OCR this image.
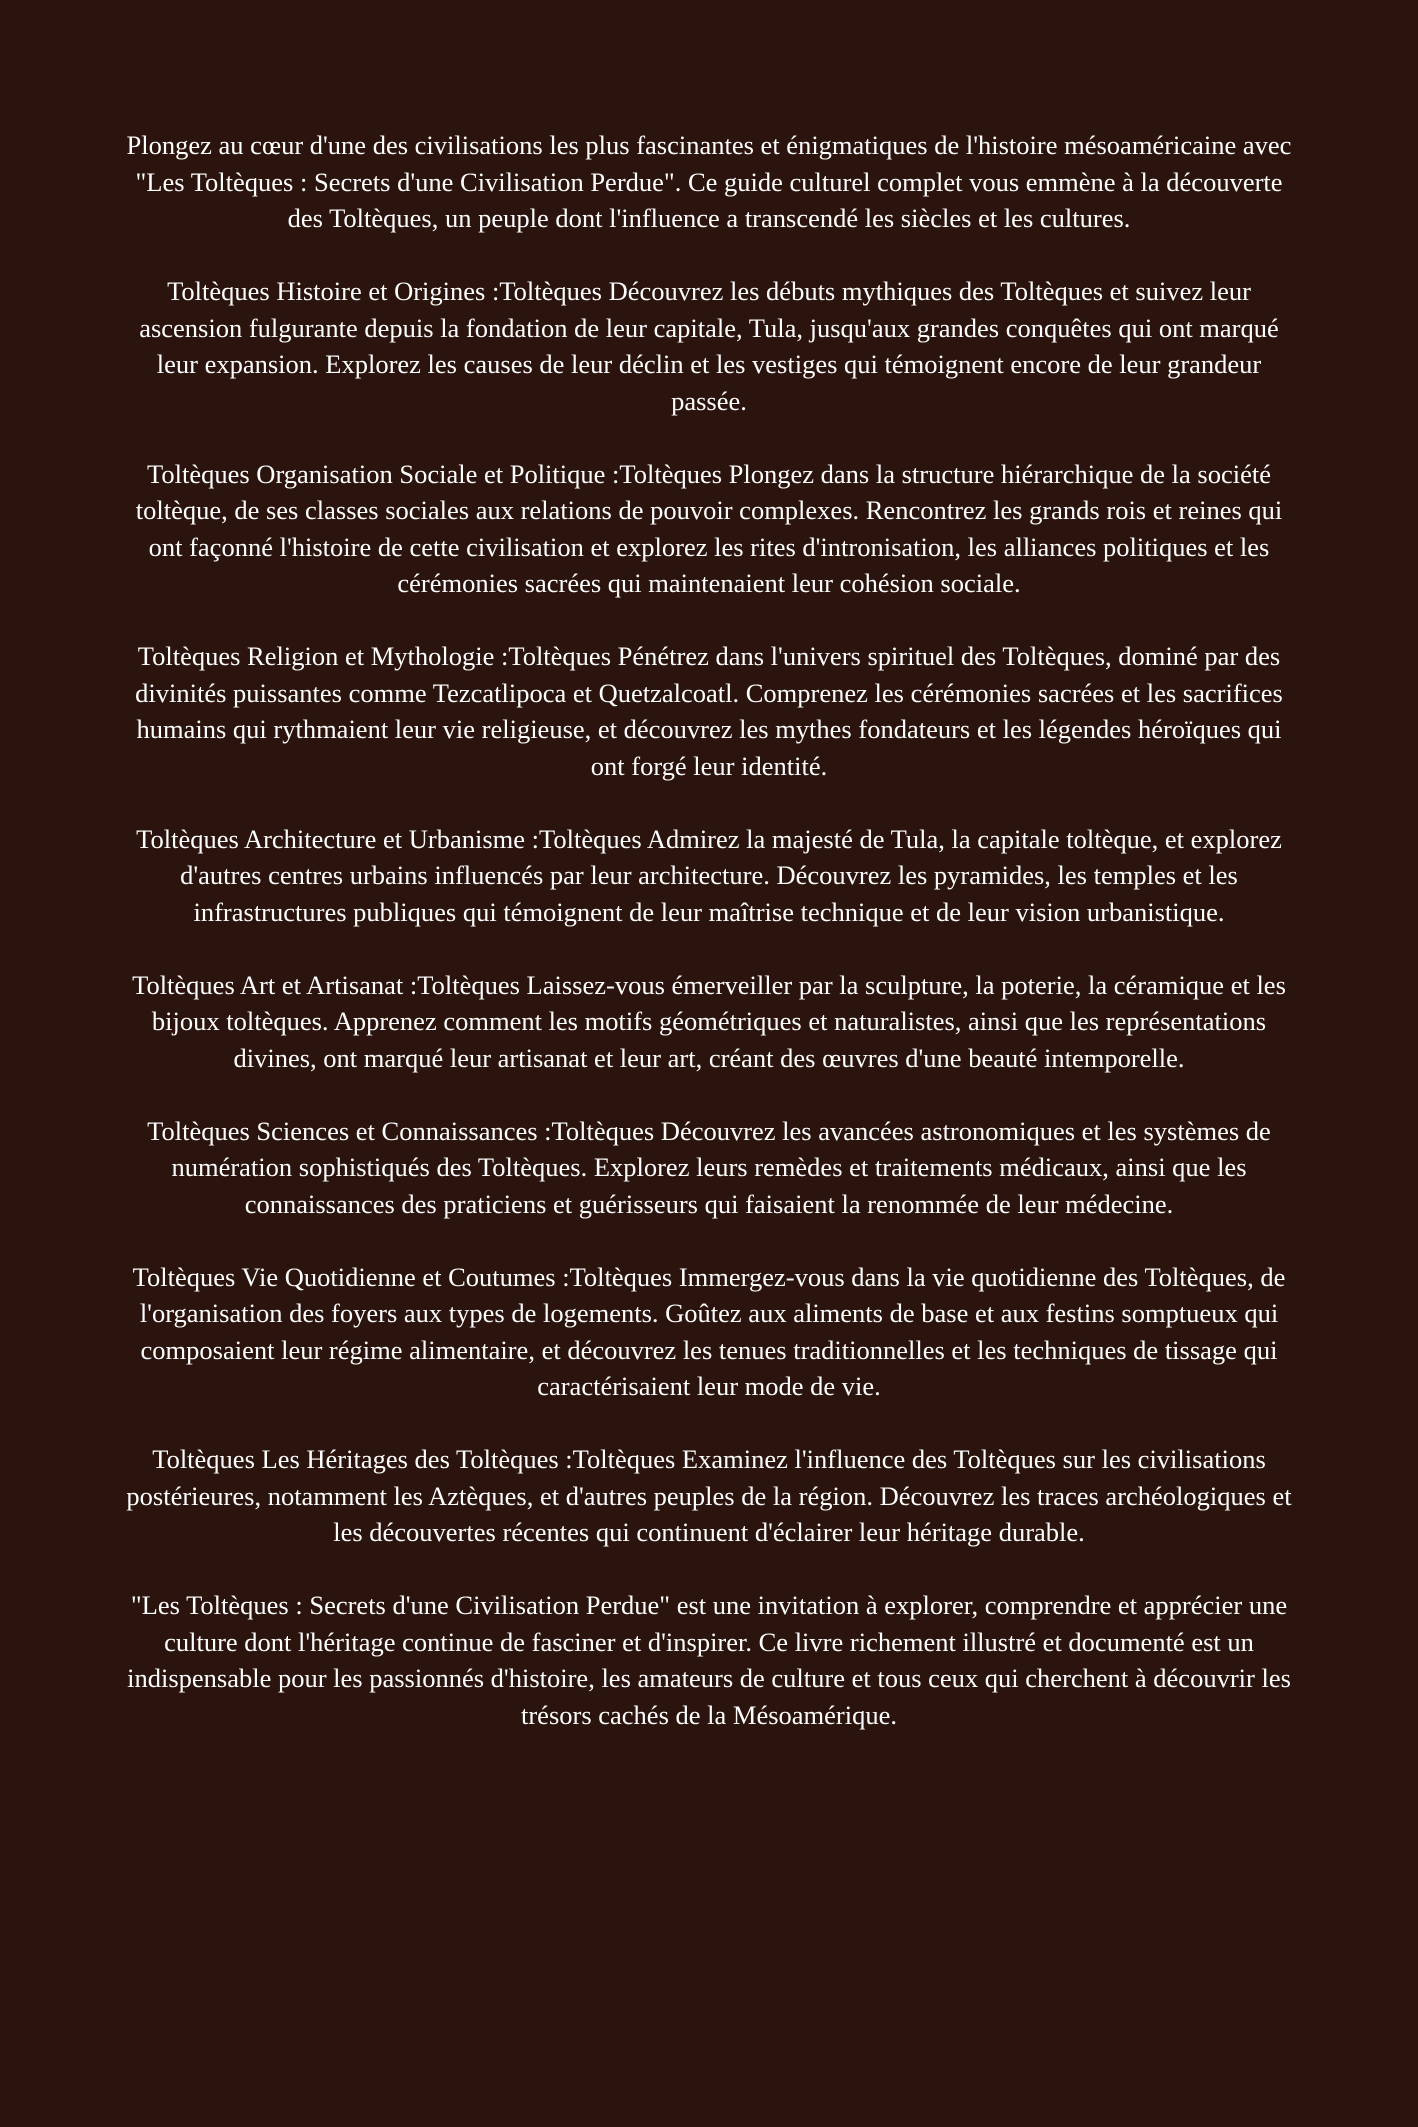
Plongez au cœur d'une des civilisations les plus fascinantes et énigmatiques de l'histoire mésoaméricaine avec "Les Toltèques : Secrets d'une Civilisation Perdue". Ce guide culturel complet vous emmène à la découverte des Toltèques, un peuple dont l'influence a transcendé les siècles et les cultures.

Toltèques Histoire et Origines :Toltèques Découvrez les débuts mythiques des Toltèques et suivez leur ascension fulgurante depuis la fondation de leur capitale, Tula, jusqu'aux grandes conquêtes qui ont marqué leur expansion. Explorez les causes de leur déclin et les vestiges qui témoignent encore de leur grandeur passée.

Toltèques Organisation Sociale et Politique :Toltèques Plongez dans la structure hiérarchique de la société toltèque, de ses classes sociales aux relations de pouvoir complexes. Rencontrez les grands rois et reines qui ont façonné l'histoire de cette civilisation et explorez les rites d'intronisation, les alliances politiques et les cérémonies sacrées qui maintenaient leur cohésion sociale.

Toltèques Religion et Mythologie :Toltèques Pénétrez dans l'univers spirituel des Toltèques, dominé par des divinités puissantes comme Tezcatlipoca et Quetzalcoatl. Comprenez les cérémonies sacrées et les sacrifices humains qui rythmaient leur vie religieuse, et découvrez les mythes fondateurs et les légendes héroïques qui ont forgé leur identité.

Toltèques Architecture et Urbanisme :Toltèques Admirez la majesté de Tula, la capitale toltèque, et explorez d'autres centres urbains influencés par leur architecture. Découvrez les pyramides, les temples et les infrastructures publiques qui témoignent de leur maîtrise technique et de leur vision urbanistique.

Toltèques Art et Artisanat :Toltèques Laissez-vous émerveiller par la sculpture, la poterie, la céramique et les bijoux toltèques. Apprenez comment les motifs géométriques et naturalistes, ainsi que les représentations divines, ont marqué leur artisanat et leur art, créant des œuvres d'une beauté intemporelle.

Toltèques Sciences et Connaissances :Toltèques Découvrez les avancées astronomiques et les systèmes de numération sophistiqués des Toltèques. Explorez leurs remèdes et traitements médicaux, ainsi que les connaissances des praticiens et guérisseurs qui faisaient la renommée de leur médecine.

Toltèques Vie Quotidienne et Coutumes :Toltèques Immergez-vous dans la vie quotidienne des Toltèques, de l'organisation des foyers aux types de logements. Goûtez aux aliments de base et aux festins somptueux qui composaient leur régime alimentaire, et découvrez les tenues traditionnelles et les techniques de tissage qui caractérisaient leur mode de vie.

Toltèques Les Héritages des Toltèques :Toltèques Examinez l'influence des Toltèques sur les civilisations postérieures, notamment les Aztèques, et d'autres peuples de la région. Découvrez les traces archéologiques et les découvertes récentes qui continuent d'éclairer leur héritage durable.

"Les Toltèques : Secrets d'une Civilisation Perdue" est une invitation à explorer, comprendre et apprécier une culture dont l'héritage continue de fasciner et d'inspirer. Ce livre richement illustré et documenté est un indispensable pour les passionnés d'histoire, les amateurs de culture et tous ceux qui cherchent à découvrir les trésors cachés de la Mésoamérique.
